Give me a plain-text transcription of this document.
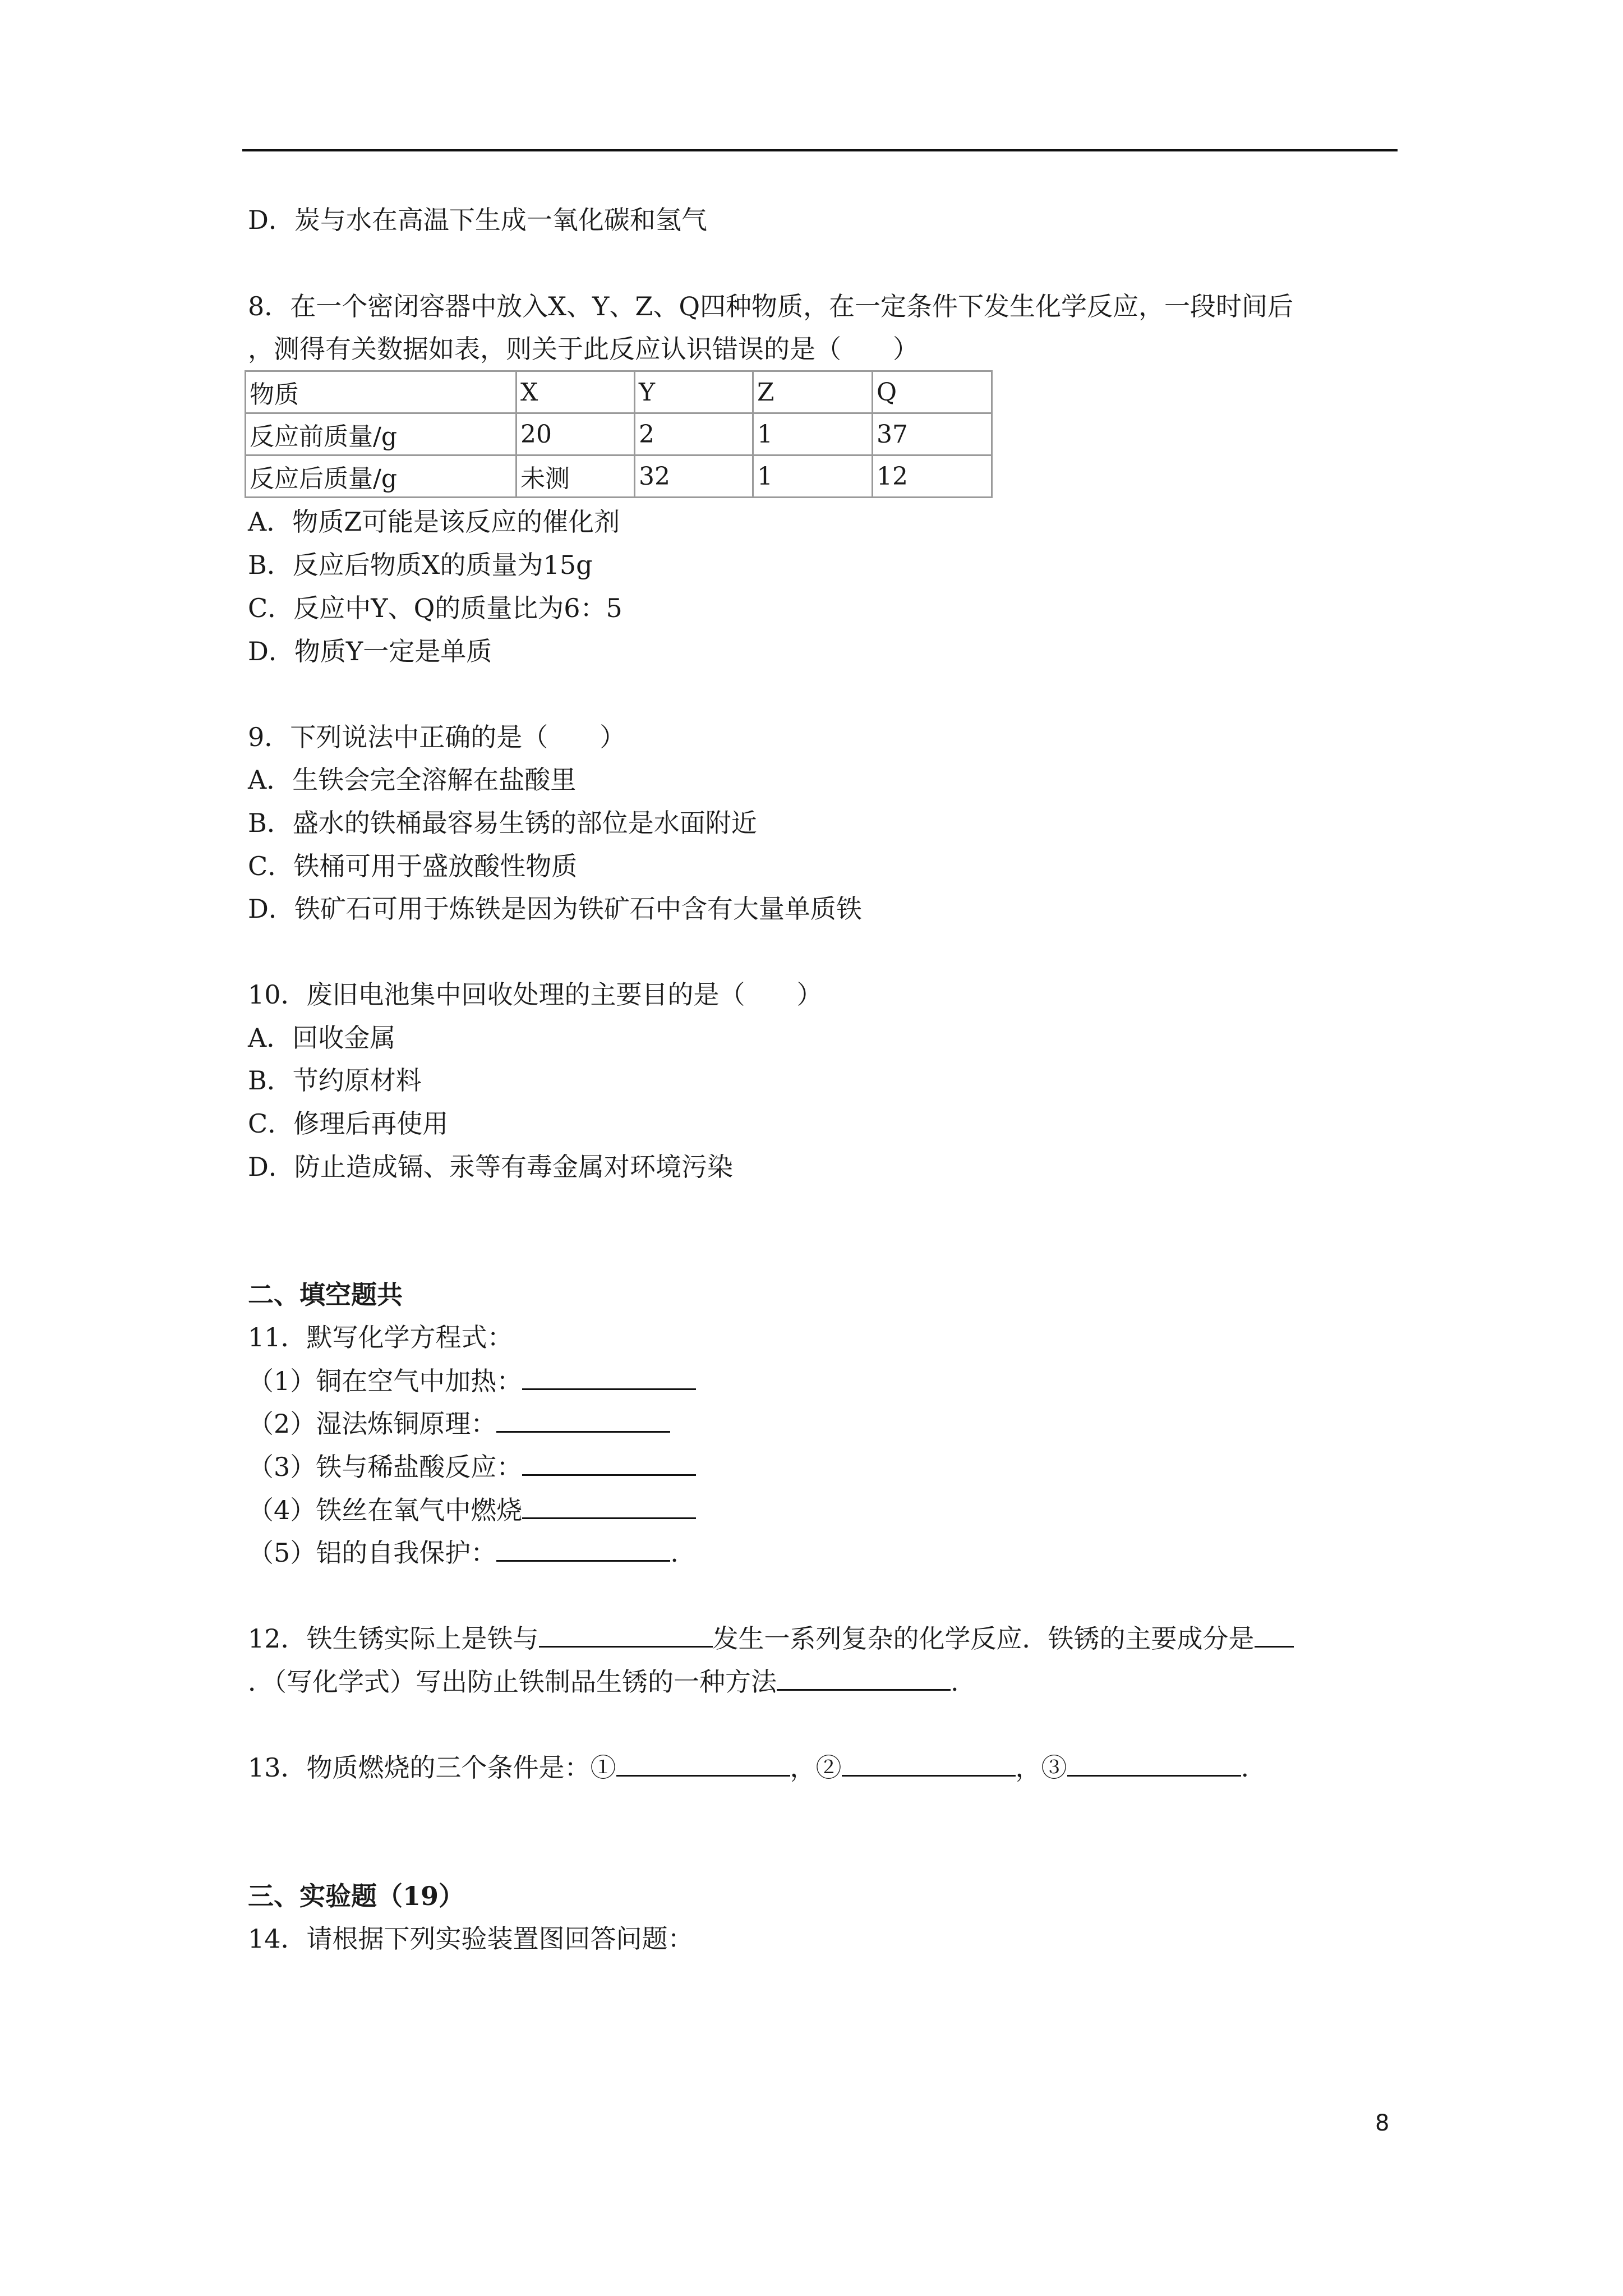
D．炭与水在高温下生成一氧化碳和氢气
8．在一个密闭容器中放入X、Y、Z、Q四种物质，在一定条件下发生化学反应，一段时间后
，测得有关数据如表，则关于此反应认识错误的是（　　）
物质	X	Y	Z	Q
反应前质量/g	20	2	1	37
反应后质量/g	未测	32	1	12
A．物质Z可能是该反应的催化剂
B．反应后物质X的质量为15g
C．反应中Y、Q的质量比为6：5
D．物质Y一定是单质
9．下列说法中正确的是（　　）
A．生铁会完全溶解在盐酸里
B．盛水的铁桶最容易生锈的部位是水面附近
C．铁桶可用于盛放酸性物质
D．铁矿石可用于炼铁是因为铁矿石中含有大量单质铁
10．废旧电池集中回收处理的主要目的是（　　）
A．回收金属
B．节约原材料
C．修理后再使用
D．防止造成镉、汞等有毒金属对环境污染
二、填空题共
11．默写化学方程式：
（1）铜在空气中加热：
（2）湿法炼铜原理：
（3）铁与稀盐酸反应：
（4）铁丝在氧气中燃烧
（5）铝的自我保护：	.
12．铁生锈实际上是铁与	发生一系列复杂的化学反应．铁锈的主要成分是
．（写化学式）写出防止铁制品生锈的一种方法	.
13．物质燃烧的三个条件是：①	，②	，③	.
三、实验题（19）
14．请根据下列实验装置图回答问题：
8
